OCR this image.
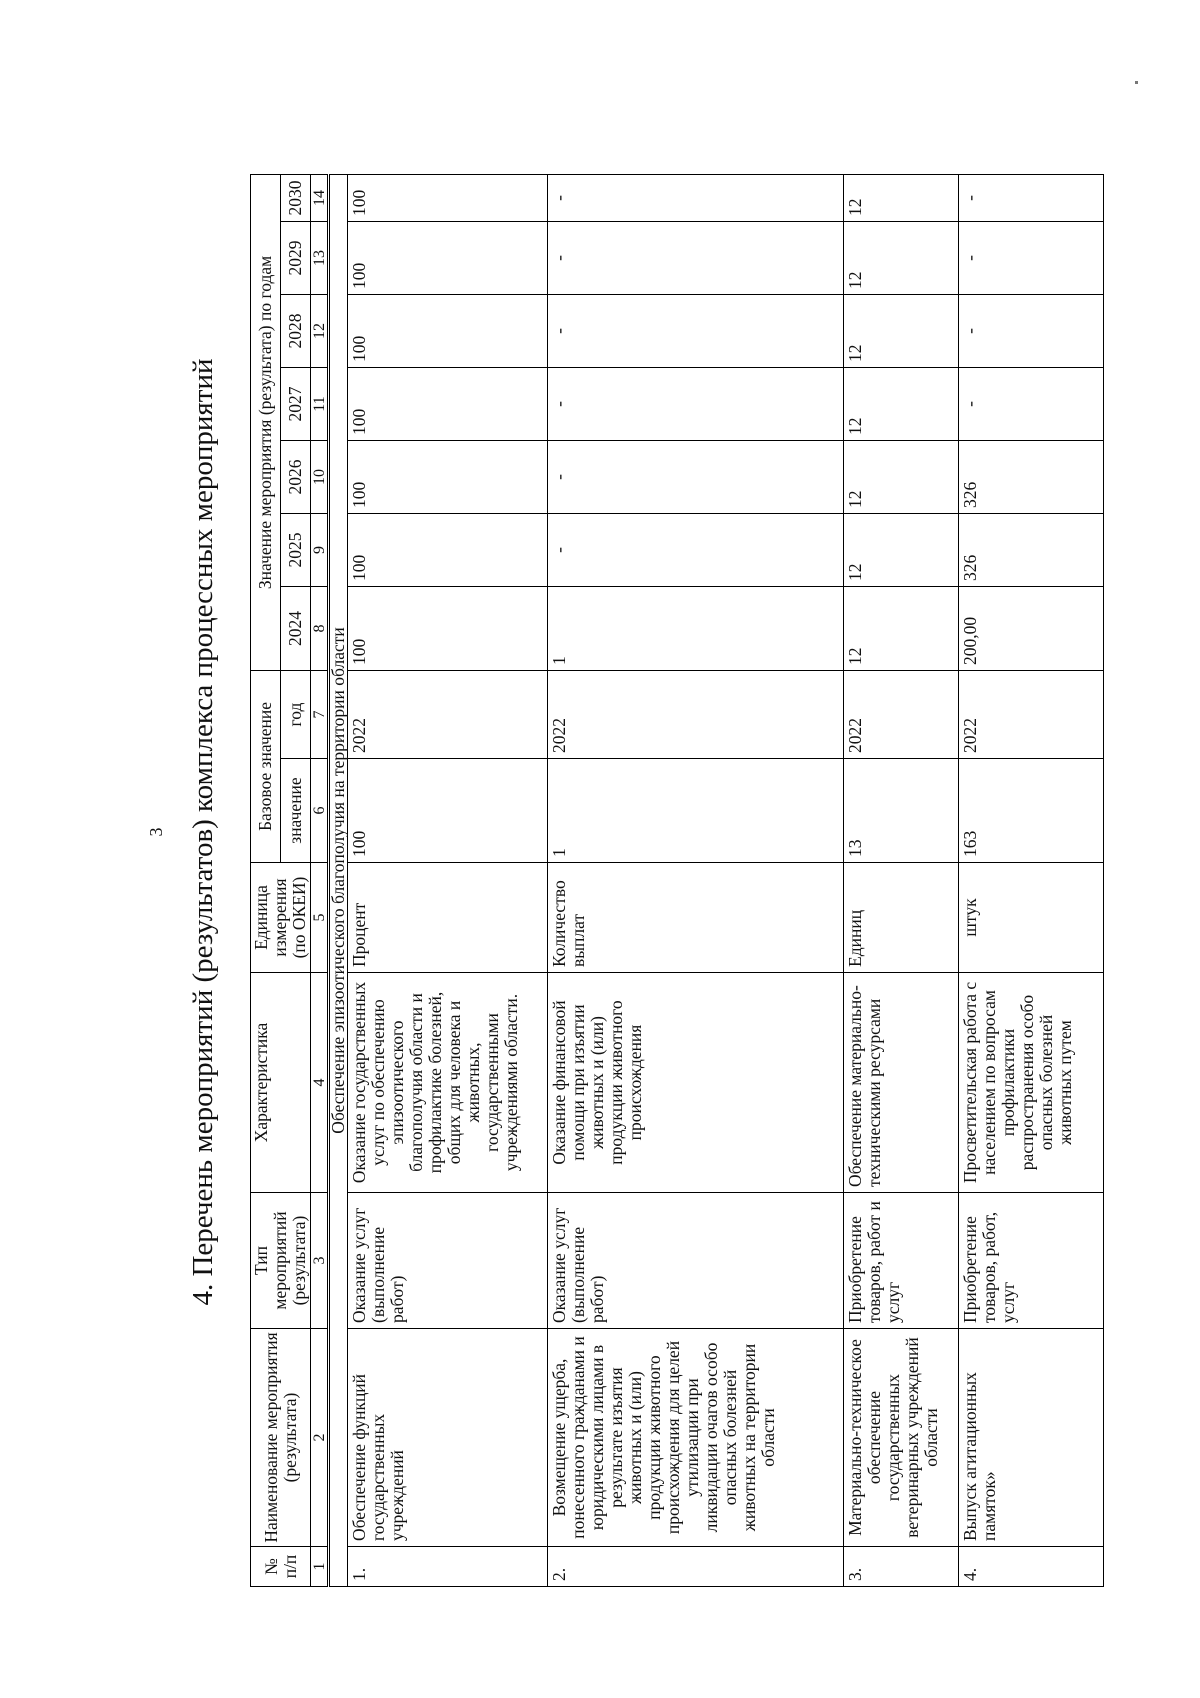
3 4. Перечень мероприятий (результатов) комплекса процессных мероприятий
№ п/п	Наименование мероприятия (результата)	Тип мероприятий (результата)	Характеристика	Единица измерения (по ОКЕИ)	Базовое значение		Значение мероприятия (результата) по годам							
					значение	год	2024	2025	2026	2027	2028	2029	2030	
1	2	3	4	5	6	7	8	9	10	11	12	13	14	
Обеспечение эпизоотического благополучия на территории области														
1.	Обеспечение функций государственных учреждений	Оказание услуг (выполнение работ)	Оказание государственных услуг по обеспечению эпизоотического благополучия области и профилактике болезней, общих для человека и животных, государственными учреждениями области.	Процент	100	2022	100	100	100	100	100	100	100	
2.	Возмещение ущерба, понесенного гражданами и юридическими лицами в результате изъятия животных и (или) продукции животного происхождения для целей утилизации при ликвидации очагов особо опасных болезней животных на территории области	Оказание услуг (выполнение работ)	Оказание финансовой помощи при изъятии животных и (или) продукции животного происхождения	Количество выплат	1	2022	1	-	-	-	-	-	-	
3.	Материально-техническое обеспечение государственных ветеринарных учреждений области	Приобретение товаров, работ и услуг	Обеспечение материально-техническими ресурсами	Единиц	13	2022	12	12	12	12	12	12	12	
4.	Выпуск агитационных памяток»	Приобретение товаров, работ, услуг	Просветительская работа с населением по вопросам профилактики распространения особо опасных болезней животных путем	штук	163	2022	200,00	326	326	-	-	-	-	
